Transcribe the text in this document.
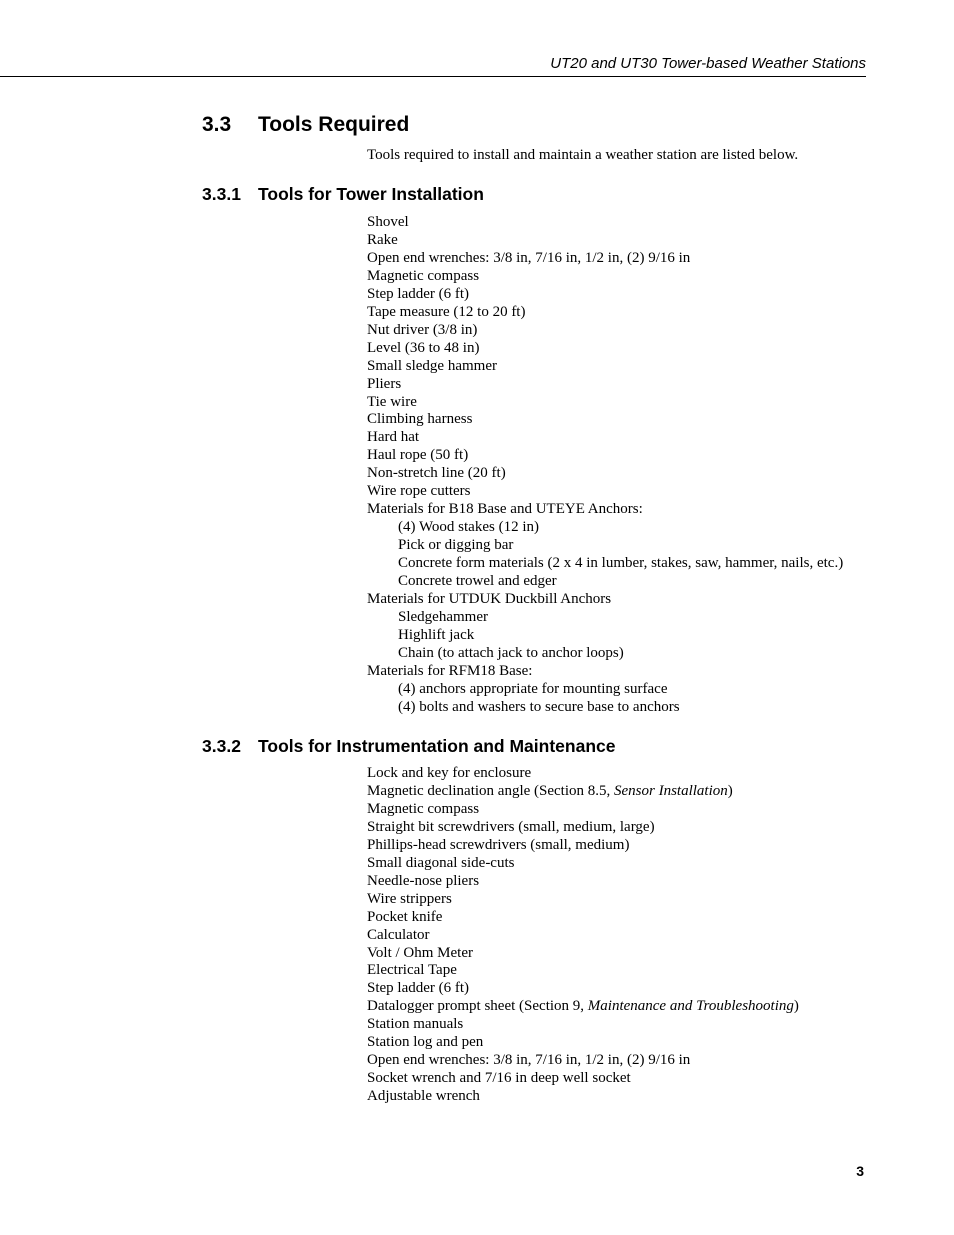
UT20 and UT30 Tower-based Weather Stations
3.3 Tools Required

Tools required to install and maintain a weather station are listed below.

3.3.1 Tools for Tower Installation
Shovel
Rake
Open end wrenches: 3/8 in, 7/16 in, 1/2 in, (2) 9/16 in
Magnetic compass
Step ladder (6 ft)
Tape measure (12 to 20 ft)
Nut driver (3/8 in)
Level (36 to 48 in)
Small sledge hammer
Pliers
Tie wire
Climbing harness
Hard hat
Haul rope (50 ft)
Non-stretch line (20 ft)
Wire rope cutters
Materials for B18 Base and UTEYE Anchors:
(4) Wood stakes (12 in)
Pick or digging bar
Concrete form materials (2 x 4 in lumber, stakes, saw, hammer, nails, etc.)
Concrete trowel and edger
Materials for UTDUK Duckbill Anchors
Sledgehammer
Highlift jack
Chain (to attach jack to anchor loops)
Materials for RFM18 Base:
(4) anchors appropriate for mounting surface
(4) bolts and washers to secure base to anchors
3.3.2 Tools for Instrumentation and Maintenance
Lock and key for enclosure
Magnetic declination angle (Section 8.5, Sensor Installation)
Magnetic compass
Straight bit screwdrivers (small, medium, large)
Phillips-head screwdrivers (small, medium)
Small diagonal side-cuts
Needle-nose pliers
Wire strippers
Pocket knife
Calculator
Volt / Ohm Meter
Electrical Tape
Step ladder (6 ft)
Datalogger prompt sheet (Section 9, Maintenance and Troubleshooting)
Station manuals
Station log and pen
Open end wrenches: 3/8 in, 7/16 in, 1/2 in, (2) 9/16 in
Socket wrench and 7/16 in deep well socket
Adjustable wrench
3
